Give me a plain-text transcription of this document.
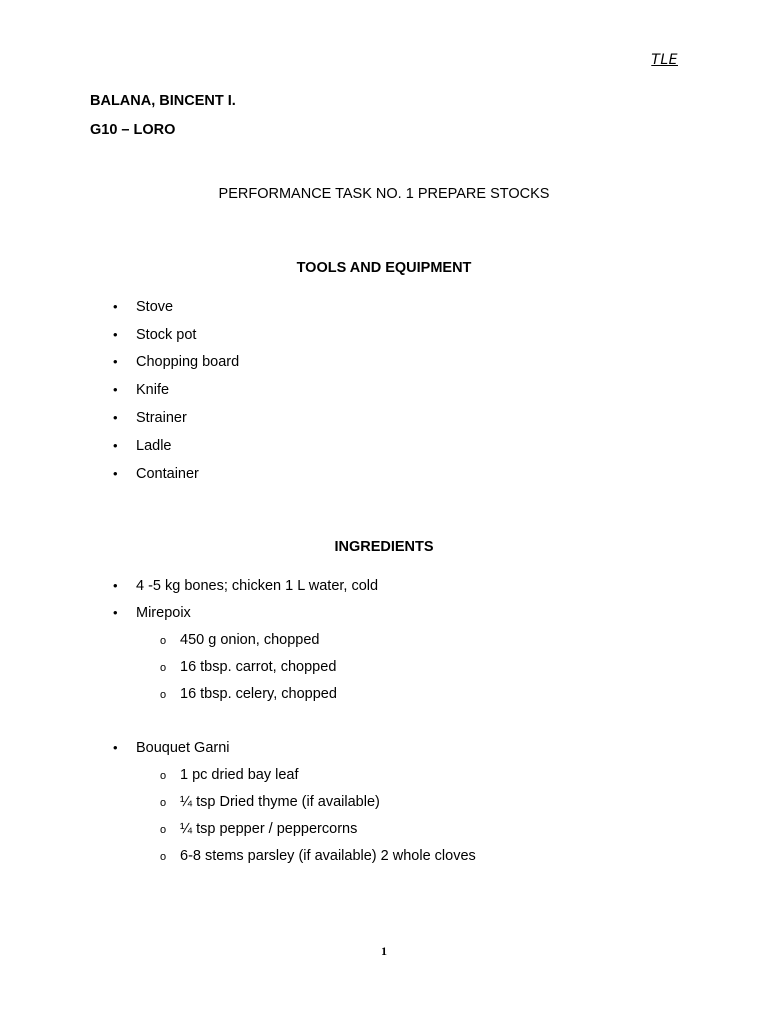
TLE
BALANA, BINCENT I.
G10 – LORO
PERFORMANCE TASK NO. 1 PREPARE STOCKS
TOOLS AND EQUIPMENT
• Stove
• Stock pot
• Chopping board
• Knife
• Strainer
• Ladle
• Container
INGREDIENTS
• 4 -5 kg bones; chicken 1 L water, cold
• Mirepoix
o 450 g onion, chopped
o 16 tbsp. carrot, chopped
o 16 tbsp. celery, chopped
• Bouquet Garni
o 1 pc dried bay leaf
o ¼ tsp Dried thyme (if available)
o ¼ tsp pepper / peppercorns
o 6-8 stems parsley (if available) 2 whole cloves
1
